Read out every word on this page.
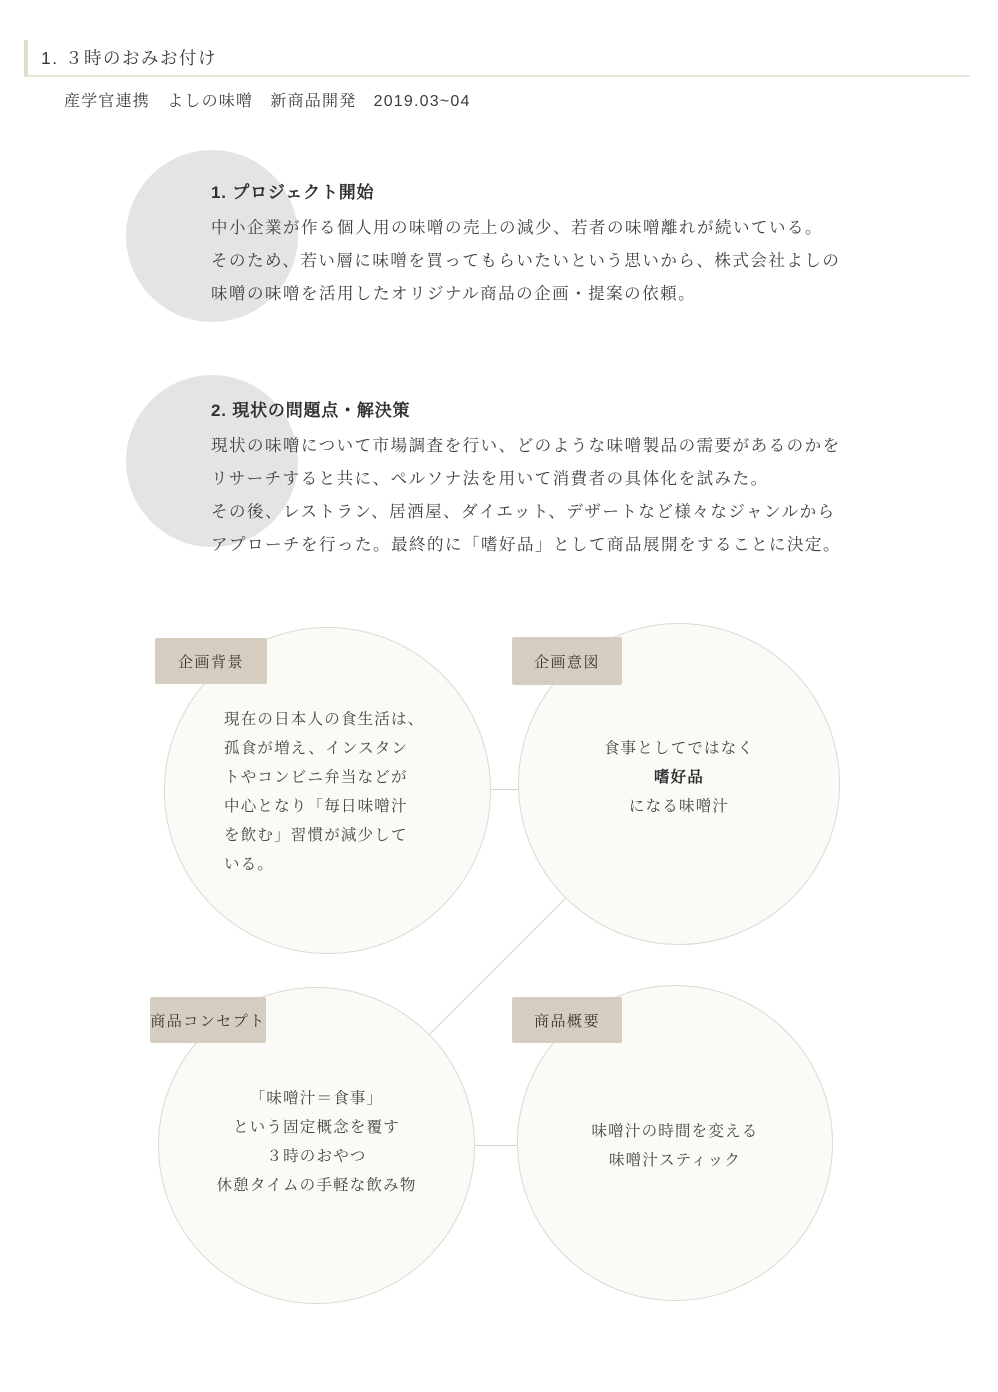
1. ３時のおみお付け
産学官連携　よしの味噌　新商品開発　2019.03~04
1. プロジェクト開始
中小企業が作る個人用の味噌の売上の減少、若者の味噌離れが続いている。
そのため、若い層に味噌を買ってもらいたいという思いから、株式会社よしの
味噌の味噌を活用したオリジナル商品の企画・提案の依頼。
2. 現状の問題点・解決策
現状の味噌について市場調査を行い、どのような味噌製品の需要があるのかを
リサーチすると共に、ペルソナ法を用いて消費者の具体化を試みた。
その後、レストラン、居酒屋、ダイエット、デザートなど様々なジャンルから
アプローチを行った。最終的に「嗜好品」として商品展開をすることに決定。
企画背景
現在の日本人の食生活は、
孤食が増え、インスタン
トやコンビニ弁当などが
中心となり「毎日味噌汁
を飲む」習慣が減少して
いる。
企画意図
食事としてではなく
嗜好品
になる味噌汁
商品コンセプト
「味噌汁＝食事」
という固定概念を覆す
３時のおやつ
休憩タイムの手軽な飲み物
商品概要
味噌汁の時間を変える
味噌汁スティック
